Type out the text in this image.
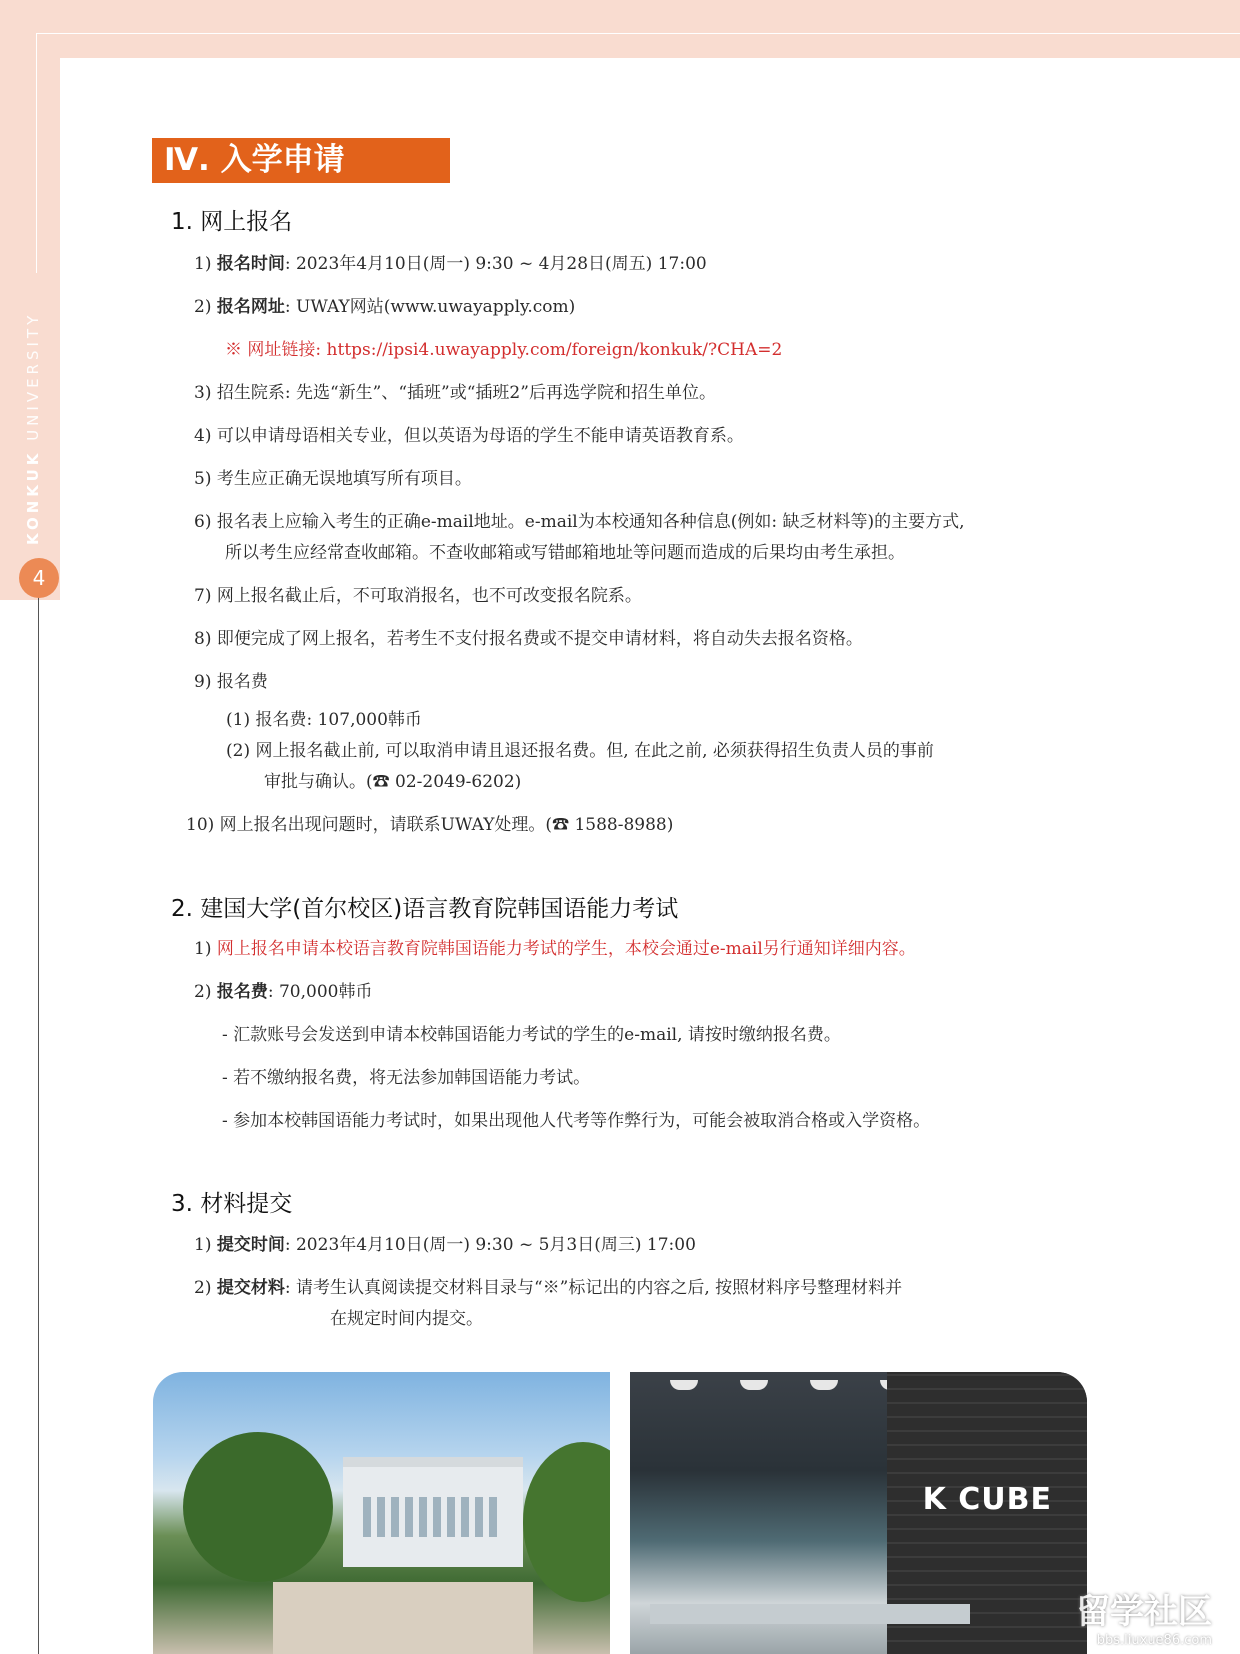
KONKUK UNIVERSITY
4
Ⅳ. 入学申请
1. 网上报名
1) 报名时间: 2023年4月10日(周一) 9:30 ~ 4月28日(周五) 17:00
2) 报名网址: UWAY网站(www.uwayapply.com)
※ 网址链接: https://ipsi4.uwayapply.com/foreign/konkuk/?CHA=2
3) 招生院系: 先选“新生”、“插班”或“插班2”后再选学院和招生单位。
4) 可以申请母语相关专业，但以英语为母语的学生不能申请英语教育系。
5) 考生应正确无误地填写所有项目。
6) 报名表上应输入考生的正确e-mail地址。e-mail为本校通知各种信息(例如: 缺乏材料等)的主要方式,
所以考生应经常查收邮箱。不查收邮箱或写错邮箱地址等问题而造成的后果均由考生承担。
7) 网上报名截止后，不可取消报名，也不可改变报名院系。
8) 即便完成了网上报名，若考生不支付报名费或不提交申请材料，将自动失去报名资格。
9) 报名费
(1) 报名费: 107,000韩币
(2) 网上报名截止前, 可以取消申请且退还报名费。但, 在此之前, 必须获得招生负责人员的事前
审批与确认。(☎ 02-2049-6202)
10) 网上报名出现问题时，请联系UWAY处理。(☎ 1588-8988)
2. 建国大学(首尔校区)语言教育院韩国语能力考试
1) 网上报名申请本校语言教育院韩国语能力考试的学生，本校会通过e-mail另行通知详细内容。
2) 报名费: 70,000韩币
- 汇款账号会发送到申请本校韩国语能力考试的学生的e-mail, 请按时缴纳报名费。
- 若不缴纳报名费，将无法参加韩国语能力考试。
- 参加本校韩国语能力考试时，如果出现他人代考等作弊行为，可能会被取消合格或入学资格。
3. 材料提交
1) 提交时间: 2023年4月10日(周一) 9:30 ~ 5月3日(周三) 17:00
2) 提交材料: 请考生认真阅读提交材料目录与“※”标记出的内容之后, 按照材料序号整理材料并
在规定时间内提交。
K CUBE
留学社区
bbs.liuxue86.com
